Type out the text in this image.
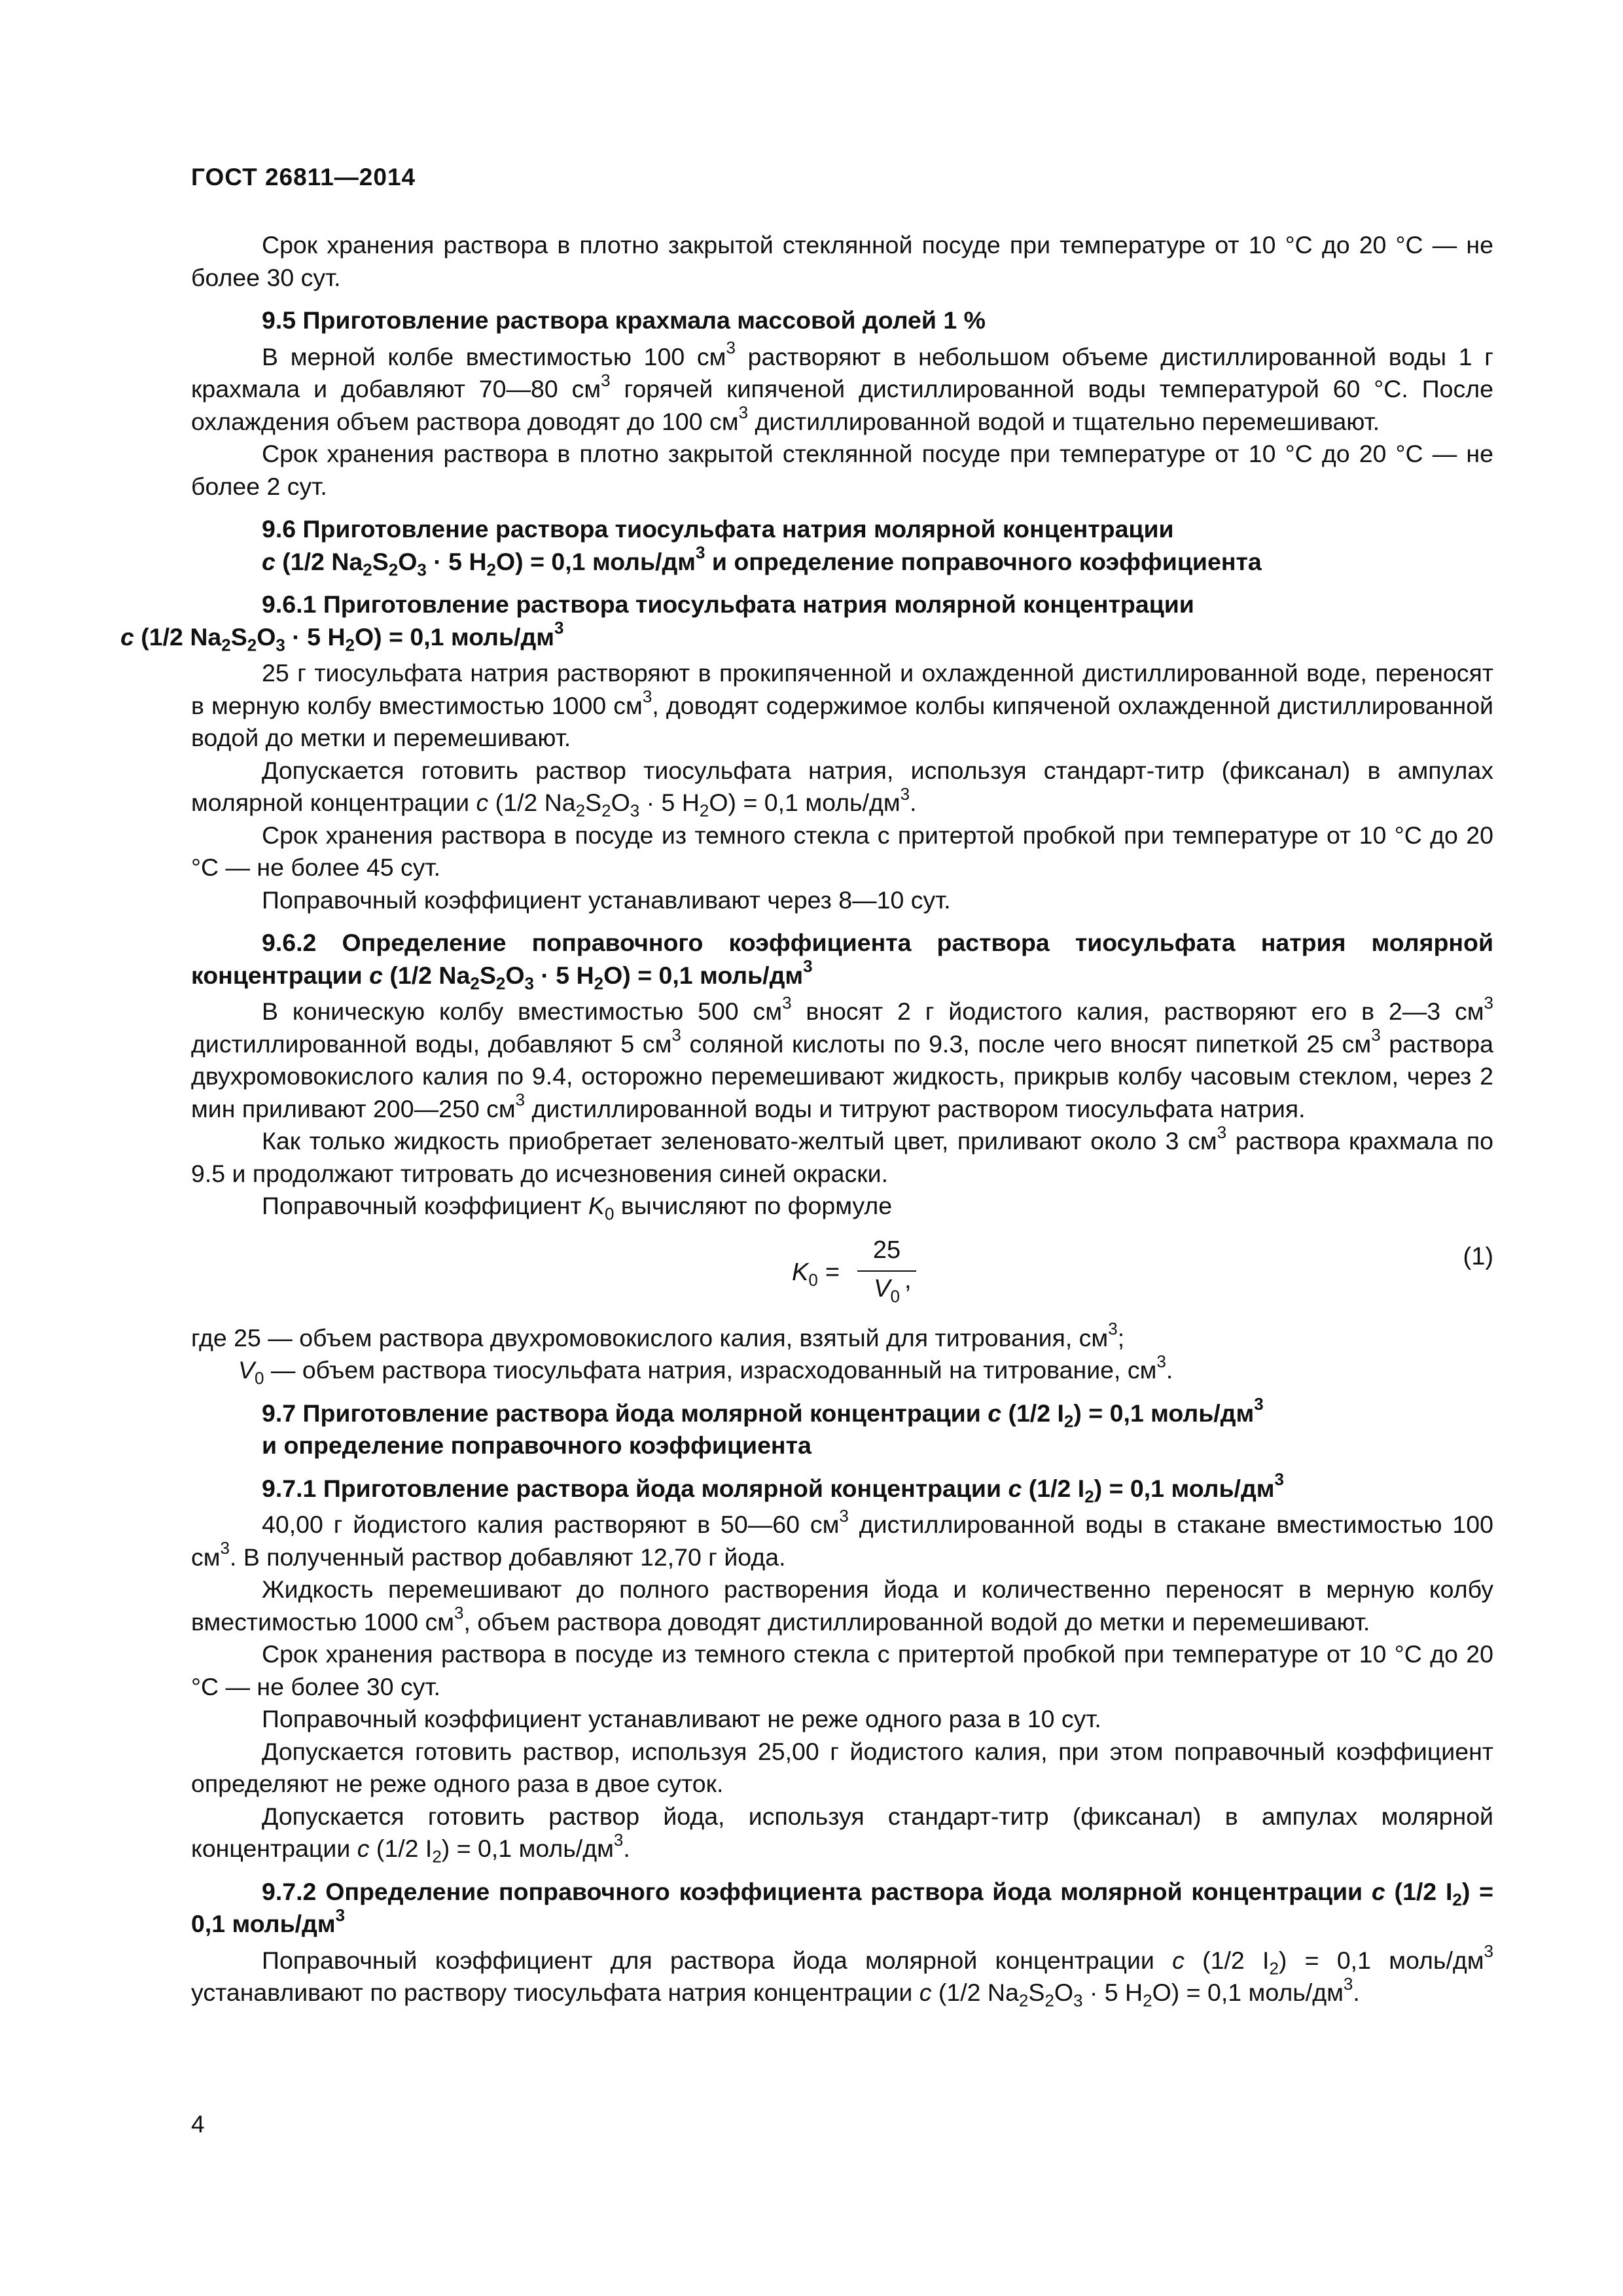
ГОСТ 26811—2014

Срок хранения раствора в плотно закрытой стеклянной посуде при температуре от 10 °С до 20 °С — не более 30 сут.

9.5 Приготовление раствора крахмала массовой долей 1 %

В мерной колбе вместимостью 100 $см^3$ растворяют в небольшом объеме дистиллированной воды 1 г крахмала и добавляют 70—80 $см^3$ горячей кипяченой дистиллированной воды температурой 60 °С. После охлаждения объем раствора доводят до 100 $см^3$ дистиллированной водой и тщательно перемешивают.

Срок хранения раствора в плотно закрытой стеклянной посуде при температуре от 10 °С до 20 °С — не более 2 сут.

9.6 Приготовление раствора тиосульфата натрия молярной концентрации
c (1/2 $Na_2S_2O_3 \cdot 5$ $H_2O) = 0,1$ моль/$дм^3$ и определение поправочного коэффициента

9.6.1 Приготовление раствора тиосульфата натрия молярной концентрации
c (1/2 $Na_2S_2O_3 \cdot 5$ $H_2O) = 0,1$ моль/$дм^3$

25 г тиосульфата натрия растворяют в прокипяченной и охлажденной дистиллированной воде, переносят в мерную колбу вместимостью 1000 $см^3$, доводят содержимое колбы кипяченой охлажденной дистиллированной водой до метки и перемешивают.

Допускается готовить раствор тиосульфата натрия, используя стандарт-титр (фиксанал) в ампулах молярной концентрации c (1/2 $Na_2S_2O_3 \cdot 5$ $H_2O) = 0,1$ моль/$дм^3$.

Срок хранения раствора в посуде из темного стекла с притертой пробкой при температуре от 10 °С до 20 °С — не более 45 сут.

Поправочный коэффициент устанавливают через 8—10 сут.

9.6.2 Определение поправочного коэффициента раствора тиосульфата натрия молярной концентрации c (1/2 $Na_2S_2O_3 \cdot 5$ $H_2O) = 0,1$ моль/$дм^3$

В коническую колбу вместимостью 500 $см^3$ вносят 2 г йодистого калия, растворяют его в 2—3 $см^3$ дистиллированной воды, добавляют 5 $см^3$ соляной кислоты по 9.3, после чего вносят пипеткой 25 $см^3$ раствора двухромовокислого калия по 9.4, осторожно перемешивают жидкость, прикрыв колбу часовым стеклом, через 2 мин приливают 200—250 $см^3$ дистиллированной воды и титруют раствором тиосульфата натрия.

Как только жидкость приобретает зеленовато-желтый цвет, приливают около 3 $см^3$ раствора крахмала по 9.5 и продолжают титровать до исчезновения синей окраски.

Поправочный коэффициент $K_0$ вычисляют по формуле

$K_0 = \frac{25}{V_0}$
,
(1)

где 25 — объем раствора двухромовокислого калия, взятый для титрования, $см^3$;

$V_0$ — объем раствора тиосульфата натрия, израсходованный на титрование, $см^3$.

9.7 Приготовление раствора йода молярной концентрации c (1/2 $I_2) = 0,1$ моль/$дм^3$
и определение поправочного коэффициента

9.7.1 Приготовление раствора йода молярной концентрации c (1/2 $I_2) = 0,1$ моль/$дм^3$

40,00 г йодистого калия растворяют в 50—60 $см^3$ дистиллированной воды в стакане вместимостью 100 $см^3$. В полученный раствор добавляют 12,70 г йода.

Жидкость перемешивают до полного растворения йода и количественно переносят в мерную колбу вместимостью 1000 $см^3$, объем раствора доводят дистиллированной водой до метки и перемешивают.

Срок хранения раствора в посуде из темного стекла с притертой пробкой при температуре от 10 °С до 20 °С — не более 30 сут.

Поправочный коэффициент устанавливают не реже одного раза в 10 сут.

Допускается готовить раствор, используя 25,00 г йодистого калия, при этом поправочный коэффициент определяют не реже одного раза в двое суток.

Допускается готовить раствор йода, используя стандарт-титр (фиксанал) в ампулах молярной концентрации c (1/2 $I_2) = 0,1$ моль/$дм^3$.

9.7.2 Определение поправочного коэффициента раствора йода молярной концентрации c (1/2 $I_2) = 0,1$ моль/$дм^3$

Поправочный коэффициент для раствора йода молярной концентрации c (1/2 $I_2) = 0,1$ моль/$дм^3$ устанавливают по раствору тиосульфата натрия концентрации c (1/2 $Na_2S_2O_3 \cdot 5$ $H_2O) = 0,1$ моль/$дм^3$.

4
